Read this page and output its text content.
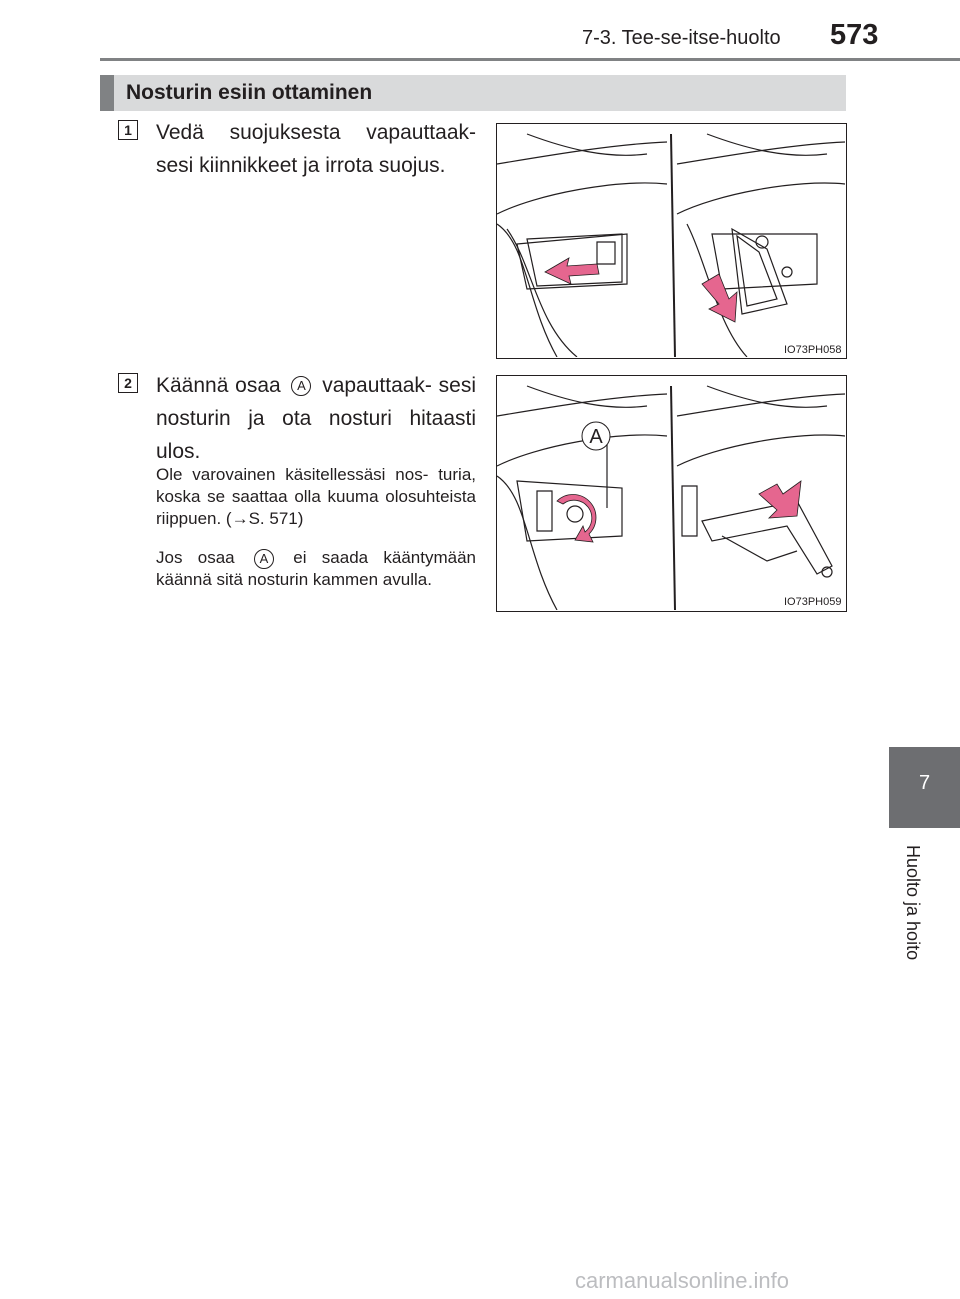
7-3. Tee-se-itse-huolto 573
Nosturin esiin ottaminen
1 Vedä suojuksesta vapauttaak- sesi kiinnikkeet ja irrota suojus.
IO73PH058
2 Käännä osaa A vapauttaak- sesi nosturin ja ota nosturi hitaasti ulos.
Ole varovainen käsitellessäsi nos- turia, koska se saattaa olla kuuma olosuhteista riippuen. (→S. 571)
Jos osaa A ei saada kääntymään käännä sitä nosturin kammen avulla.
A
IO73PH059
7
Huolto ja hoito
carmanualsonline.info
